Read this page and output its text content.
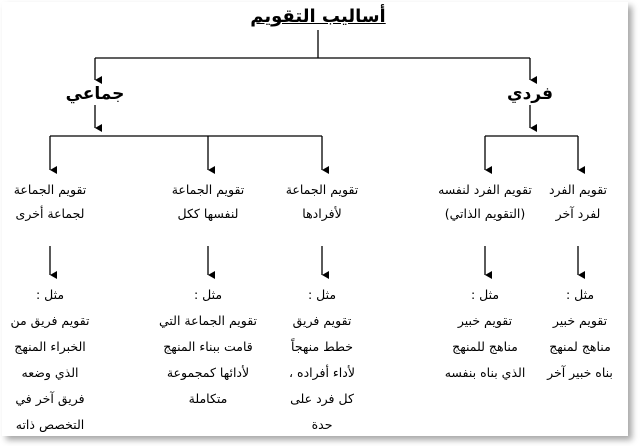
أساليب التقويم
جماعي	فردي
تقويم الجماعة
لجماعة أخرى
تقويم الجماعة
لنفسها ككل
تقويم الجماعة
لأفرادها
تقويم الفرد لنفسه
(التقويم الذاتي)
تقويم الفرد
لفرد آخر
مثل :
تقويم فريق من
الخبراء المنهج
الذي وضعه
فريق آخر في
التخصص ذاته
مثل :
تقويم الجماعة التي
قامت ببناء المنهج
لأدائها كمجموعة
متكاملة
مثل :
تقويم فريق
خطط منهجاً
لأداء أفراده ،
كل فرد على
حدة
مثل :
تقويم خبير
مناهج للمنهج
الذي بناه بنفسه
مثل :
تقويم خبير
مناهج لمنهج
بناه خبير آخر
